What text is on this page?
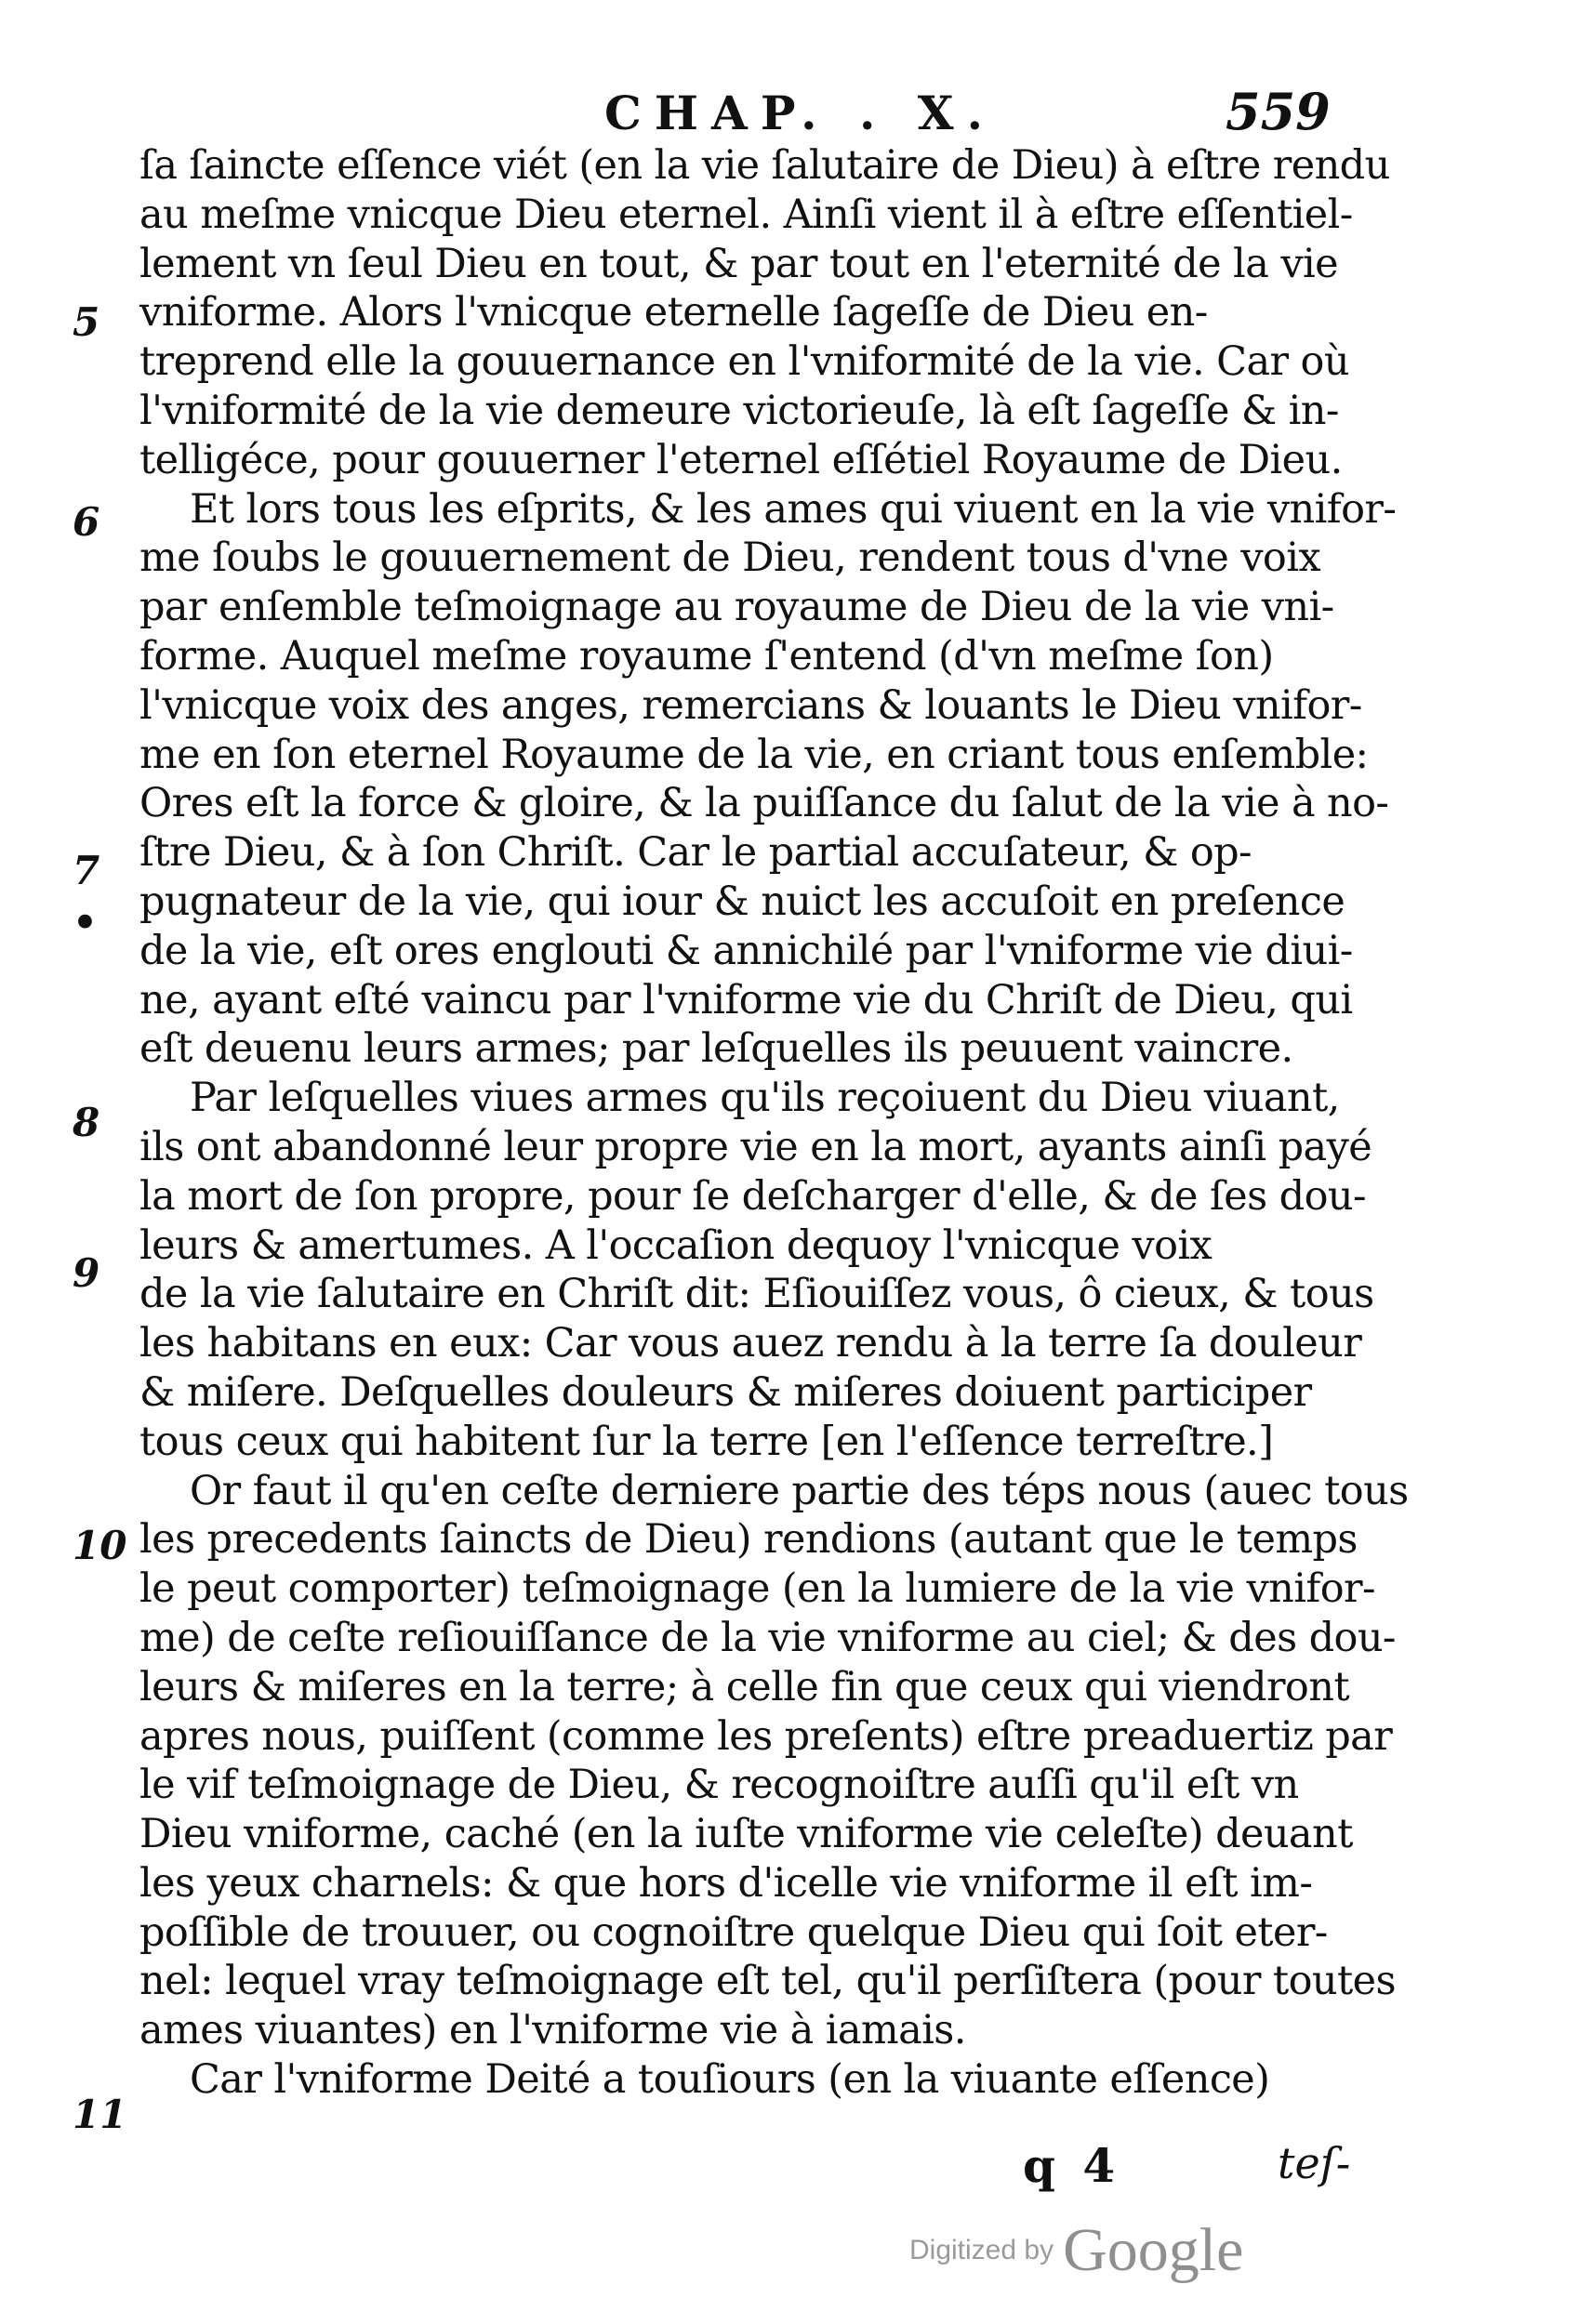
CHAP. . X.	559
5
6
7
•
8
9
10
11
ſa ſaincte eſſence viét (en la vie ſalutaire de Dieu) à eſtre rendu
au meſme vnicque Dieu eternel. Ainſi vient il à eſtre eſſentiel-
lement vn ſeul Dieu en tout, & par tout en l'eternité de la vie
vniforme. Alors l'vnicque eternelle ſageſſe de Dieu en-
treprend elle la gouuernance en l'vniformité de la vie. Car où
l'vniformité de la vie demeure victorieuſe, là eſt ſageſſe & in-
telligéce, pour gouuerner l'eternel eſſétiel Royaume de Dieu.
Et lors tous les eſprits, & les ames qui viuent en la vie vnifor-
me ſoubs le gouuernement de Dieu, rendent tous d'vne voix
par enſemble teſmoignage au royaume de Dieu de la vie vni-
forme. Auquel meſme royaume ſ'entend (d'vn meſme ſon)
l'vnicque voix des anges, remercians & louants le Dieu vnifor-
me en ſon eternel Royaume de la vie, en criant tous enſemble:
Ores eſt la force & gloire, & la puiſſance du ſalut de la vie à no-
ſtre Dieu, & à ſon Chriſt. Car le partial accuſateur, & op-
pugnateur de la vie, qui iour & nuict les accuſoit en preſence
de la vie, eſt ores englouti & annichilé par l'vniforme vie diui-
ne, ayant eſté vaincu par l'vniforme vie du Chriſt de Dieu, qui
eſt deuenu leurs armes; par leſquelles ils peuuent vaincre.
Par leſquelles viues armes qu'ils reçoiuent du Dieu viuant,
ils ont abandonné leur propre vie en la mort, ayants ainſi payé
la mort de ſon propre, pour ſe deſcharger d'elle, & de ſes dou-
leurs & amertumes. A l'occaſion dequoy l'vnicque voix
de la vie ſalutaire en Chriſt dit: Eſiouiſſez vous, ô cieux, & tous
les habitans en eux: Car vous auez rendu à la terre ſa douleur
& miſere. Deſquelles douleurs & miſeres doiuent participer
tous ceux qui habitent ſur la terre [en l'eſſence terreſtre.]
Or faut il qu'en ceſte derniere partie des téps nous (auec tous
les precedents ſaincts de Dieu) rendions (autant que le temps
le peut comporter) teſmoignage (en la lumiere de la vie vnifor-
me) de ceſte reſiouiſſance de la vie vniforme au ciel; & des dou-
leurs & miſeres en la terre; à celle fin que ceux qui viendront
apres nous, puiſſent (comme les preſents) eſtre preaduertiz par
le vif teſmoignage de Dieu, & recognoiſtre auſſi qu'il eſt vn
Dieu vniforme, caché (en la iuſte vniforme vie celeſte) deuant
les yeux charnels: & que hors d'icelle vie vniforme il eſt im-
poſſible de trouuer, ou cognoiſtre quelque Dieu qui ſoit eter-
nel: lequel vray teſmoignage eſt tel, qu'il perſiſtera (pour toutes
ames viuantes) en l'vniforme vie à iamais.
Car l'vniforme Deité a touſiours (en la viuante eſſence)
q 4	teſ-
Digitized by Google
